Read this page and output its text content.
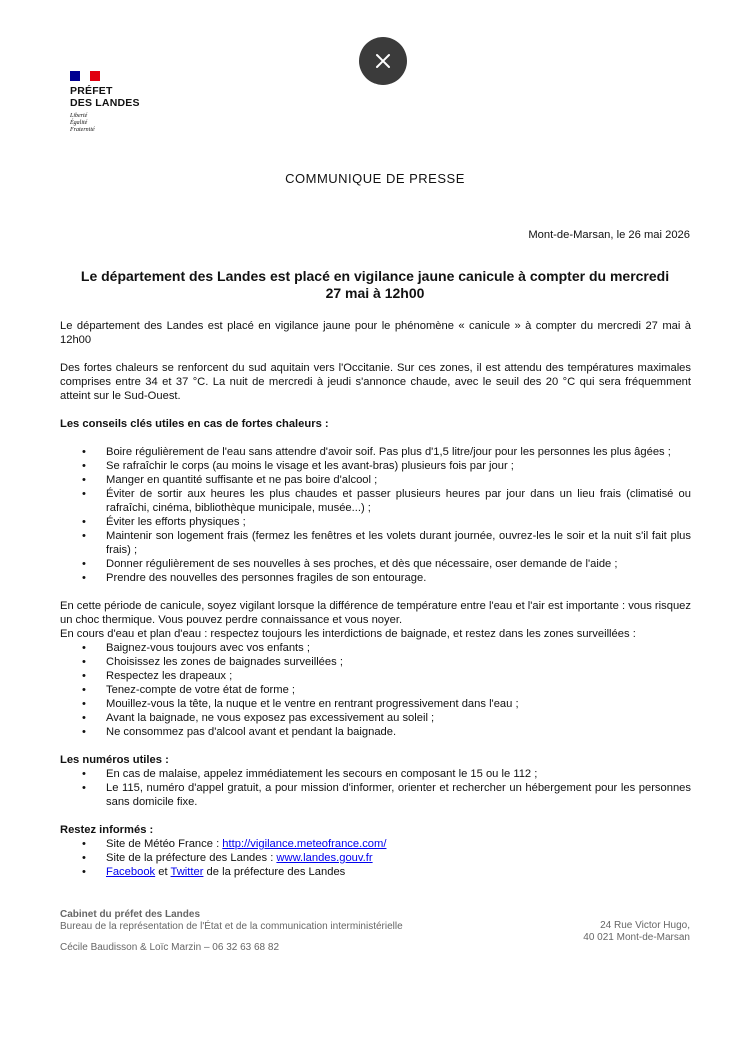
PRÉFET
DES LANDES
Liberté
Égalité
Fraternité
COMMUNIQUE DE PRESSE
Mont-de-Marsan, le 26 mai 2026
Le département des Landes est placé en vigilance jaune canicule à compter du mercredi 27 mai à 12h00

Le département des Landes est placé en vigilance jaune pour le phénomène « canicule » à compter du mercredi 27 mai à 12h00

Des fortes chaleurs se renforcent du sud aquitain vers l'Occitanie. Sur ces zones, il est attendu des températures maximales comprises entre 34 et 37 °C. La nuit de mercredi à jeudi s'annonce chaude, avec le seuil des 20 °C qui sera fréquemment atteint sur le Sud-Ouest.

Les conseils clés utiles en cas de fortes chaleurs :

• Boire régulièrement de l'eau sans attendre d'avoir soif. Pas plus d'1,5 litre/jour pour les personnes les plus âgées ;
• Se rafraîchir le corps (au moins le visage et les avant-bras) plusieurs fois par jour ;
• Manger en quantité suffisante et ne pas boire d'alcool ;
• Éviter de sortir aux heures les plus chaudes et passer plusieurs heures par jour dans un lieu frais (climatisé ou rafraîchi, cinéma, bibliothèque municipale, musée...) ;
• Éviter les efforts physiques ;
• Maintenir son logement frais (fermez les fenêtres et les volets durant journée, ouvrez-les le soir et la nuit s'il fait plus frais) ;
• Donner régulièrement de ses nouvelles à ses proches, et dès que nécessaire, oser demande de l'aide ;
• Prendre des nouvelles des personnes fragiles de son entourage.

En cette période de canicule, soyez vigilant lorsque la différence de température entre l'eau et l'air est importante : vous risquez un choc thermique. Vous pouvez perdre connaissance et vous noyer.

En cours d'eau et plan d'eau : respectez toujours les interdictions de baignade, et restez dans les zones surveillées :

• Baignez-vous toujours avec vos enfants ;
• Choisissez les zones de baignades surveillées ;
• Respectez les drapeaux ;
• Tenez-compte de votre état de forme ;
• Mouillez-vous la tête, la nuque et le ventre en rentrant progressivement dans l'eau ;
• Avant la baignade, ne vous exposez pas excessivement au soleil ;
• Ne consommez pas d'alcool avant et pendant la baignade.

Les numéros utiles :

• En cas de malaise, appelez immédiatement les secours en composant le 15 ou le 112 ;
• Le 115, numéro d'appel gratuit, a pour mission d'informer, orienter et rechercher un hébergement pour les personnes sans domicile fixe.

Restez informés :

• Site de Météo France : http://vigilance.meteofrance.com/
• Site de la préfecture des Landes : www.landes.gouv.fr
• Facebook et Twitter de la préfecture des Landes
Cabinet du préfet des Landes
Bureau de la représentation de l'État et de la communication interministérielle
Cécile Baudisson & Loïc Marzin – 06 32 63 68 82
24 Rue Victor Hugo,
40 021 Mont-de-Marsan
